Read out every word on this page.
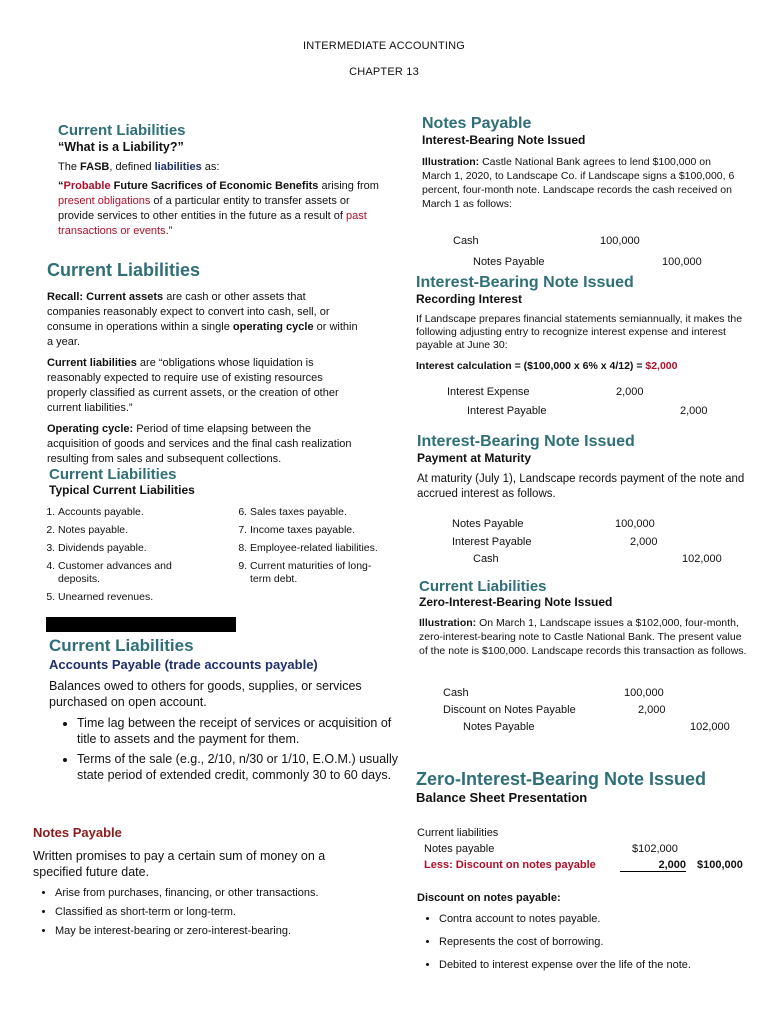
INTERMEDIATE ACCOUNTING
CHAPTER 13
Current Liabilities
“What is a Liability?”
The FASB, defined liabilities as:
“Probable Future Sacrifices of Economic Benefits arising from present obligations of a particular entity to transfer assets or provide services to other entities in the future as a result of past transactions or events.”
Current Liabilities
Recall: Current assets are cash or other assets that companies reasonably expect to convert into cash, sell, or consume in operations within a single operating cycle or within a year.
Current liabilities are “obligations whose liquidation is reasonably expected to require use of existing resources properly classified as current assets, or the creation of other current liabilities.”
Operating cycle: Period of time elapsing between the acquisition of goods and services and the final cash realization resulting from sales and subsequent collections.
Current Liabilities
Typical Current Liabilities
1. Accounts payable.
2. Notes payable.
3. Dividends payable.
4. Customer advances and deposits.
5. Unearned revenues.
6. Sales taxes payable.
7. Income taxes payable.
8. Employee-related liabilities.
9. Current maturities of long-term debt.
Current Liabilities
Accounts Payable (trade accounts payable)
Balances owed to others for goods, supplies, or services purchased on open account.
• Time lag between the receipt of services or acquisition of title to assets and the payment for them.
• Terms of the sale (e.g., 2/10, n/30 or 1/10, E.O.M.) usually state period of extended credit, commonly 30 to 60 days.
Notes Payable
Written promises to pay a certain sum of money on a specified future date.
• Arise from purchases, financing, or other transactions.
• Classified as short-term or long-term.
• May be interest-bearing or zero-interest-bearing.
Notes Payable
Interest-Bearing Note Issued
Illustration: Castle National Bank agrees to lend $100,000 on March 1, 2020, to Landscape Co. if Landscape signs a $100,000, 6 percent, four-month note. Landscape records the cash received on March 1 as follows:
Cash	100,000
Notes Payable	100,000
Interest-Bearing Note Issued
Recording Interest
If Landscape prepares financial statements semiannually, it makes the following adjusting entry to recognize interest expense and interest payable at June 30:
Interest calculation = ($100,000 x 6% x 4/12) = $2,000
Interest Expense	2,000
Interest Payable	2,000
Interest-Bearing Note Issued
Payment at Maturity
At maturity (July 1), Landscape records payment of the note and accrued interest as follows.
Notes Payable	100,000
Interest Payable	2,000
Cash	102,000
Current Liabilities
Zero-Interest-Bearing Note Issued
Illustration: On March 1, Landscape issues a $102,000, four-month, zero-interest-bearing note to Castle National Bank. The present value of the note is $100,000. Landscape records this transaction as follows.
Cash	100,000
Discount on Notes Payable	2,000
Notes Payable	102,000
Zero-Interest-Bearing Note Issued
Balance Sheet Presentation
Current liabilities
Notes payable	$102,000
Less: Discount on notes payable	2,000 $100,000
Discount on notes payable:
• Contra account to notes payable.
• Represents the cost of borrowing.
• Debited to interest expense over the life of the note.
